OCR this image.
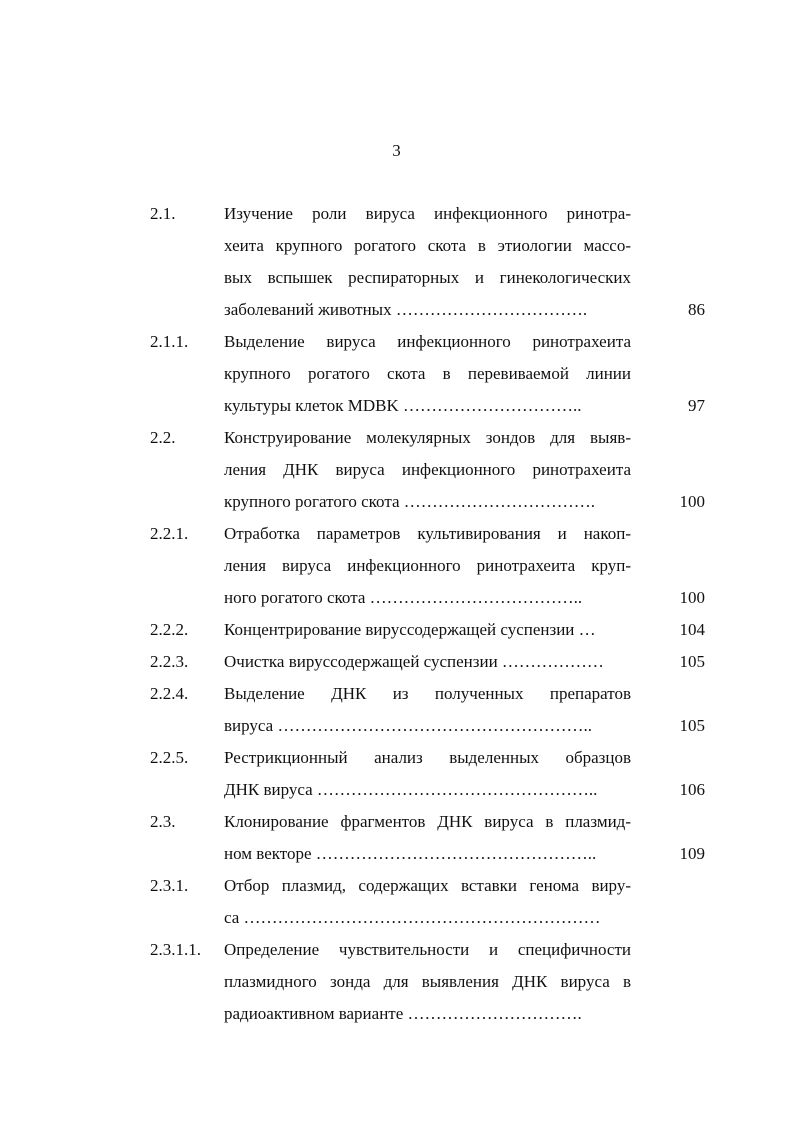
3
2.1.	Изучение роли вируса инфекционного ринотра-
хеита крупного рогатого скота в этиологии массо-
вых вспышек респираторных и гинекологических
заболеваний животных …………………………….	86
2.1.1. Выделение вируса инфекционного ринотрахеита
крупного рогатого скота в перевиваемой линии
культуры клеток MDBK …………………………..	97
2.2.	Конструирование молекулярных зондов для выяв-
ления ДНК вируса инфекционного ринотрахеита
крупного рогатого скота …………………………….	100
2.2.1. Отработка параметров культивирования и накоп-
ления вируса инфекционного ринотрахеита круп-
ного рогатого скота ………………………………..	100
2.2.2. Концентрирование вируссодержащей суспензии …	104
2.2.3. Очистка вируссодержащей суспензии ………………	105
2.2.4. Выделение ДНК из полученных препаратов
вируса ………………………………………………..	105
2.2.5. Рестрикционный анализ выделенных образцов
ДНК вируса …………………………………………..	106
2.3.	Клонирование фрагментов ДНК вируса в плазмид-
ном векторе …………………………………………..	109
2.3.1. Отбор плазмид, содержащих вставки генома виру-
са ………………………………………………………
2.3.1.1. Определение чувствительности и специфичности
плазмидного зонда для выявления ДНК вируса в
радиоактивном варианте ………………………….
